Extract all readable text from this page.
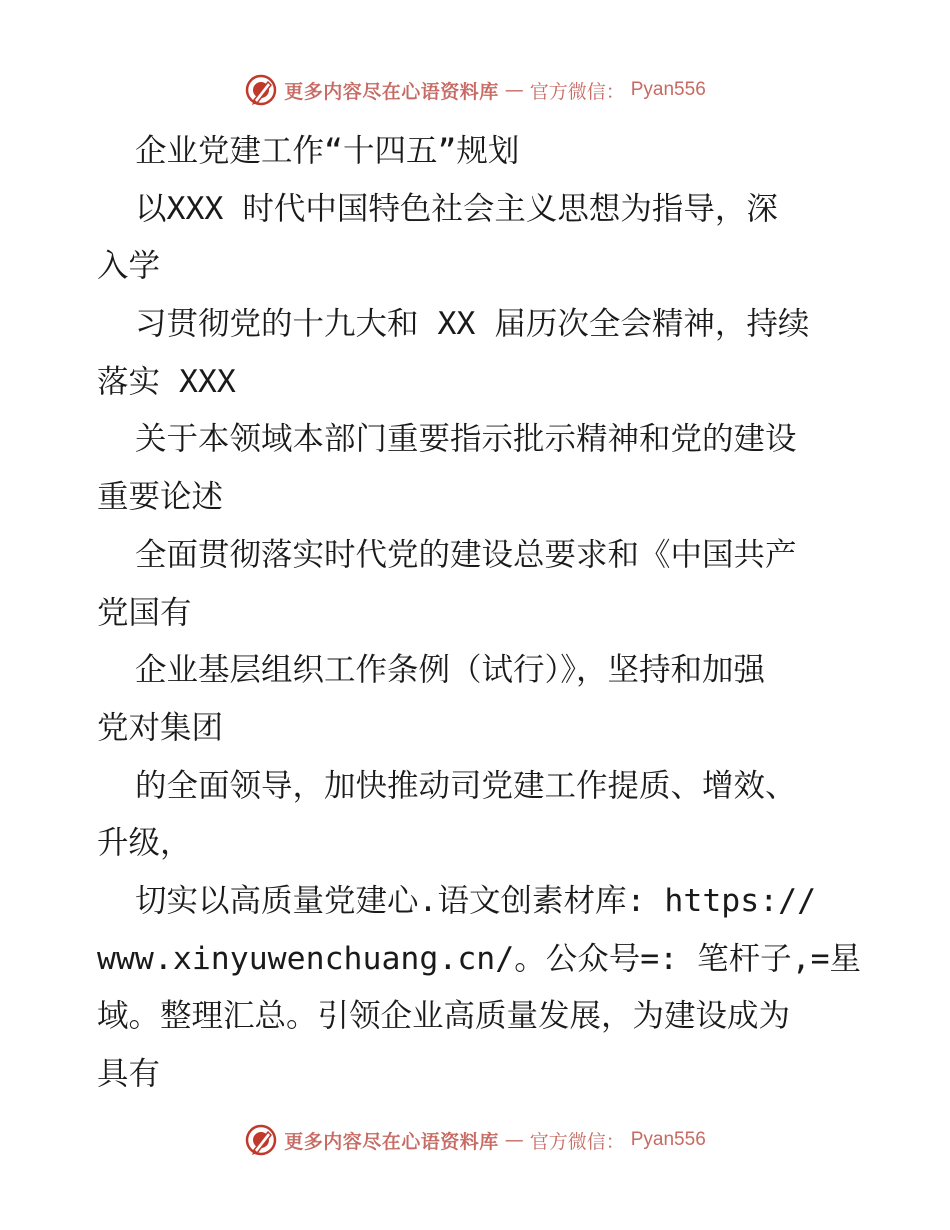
更多内容尽在心语资料库 — 官方微信： Pyan556
企业党建工作“十四五”规划
以XXX 时代中国特色社会主义思想为指导，深
入学
习贯彻党的十九大和 XX 届历次全会精神，持续
落实 XXX
关于本领域本部门重要指示批示精神和党的建设
重要论述
全面贯彻落实时代党的建设总要求和《中国共产
党国有
企业基层组织工作条例（试行）》，坚持和加强
党对集团
的全面领导，加快推动司党建工作提质、增效、
升级，
切实以高质量党建心.语文创素材库: https://
www.xinyuwenchuang.cn/。公众号=: 笔杆子,=星
域。整理汇总。引领企业高质量发展，为建设成为
具有
更多内容尽在心语资料库 — 官方微信： Pyan556
